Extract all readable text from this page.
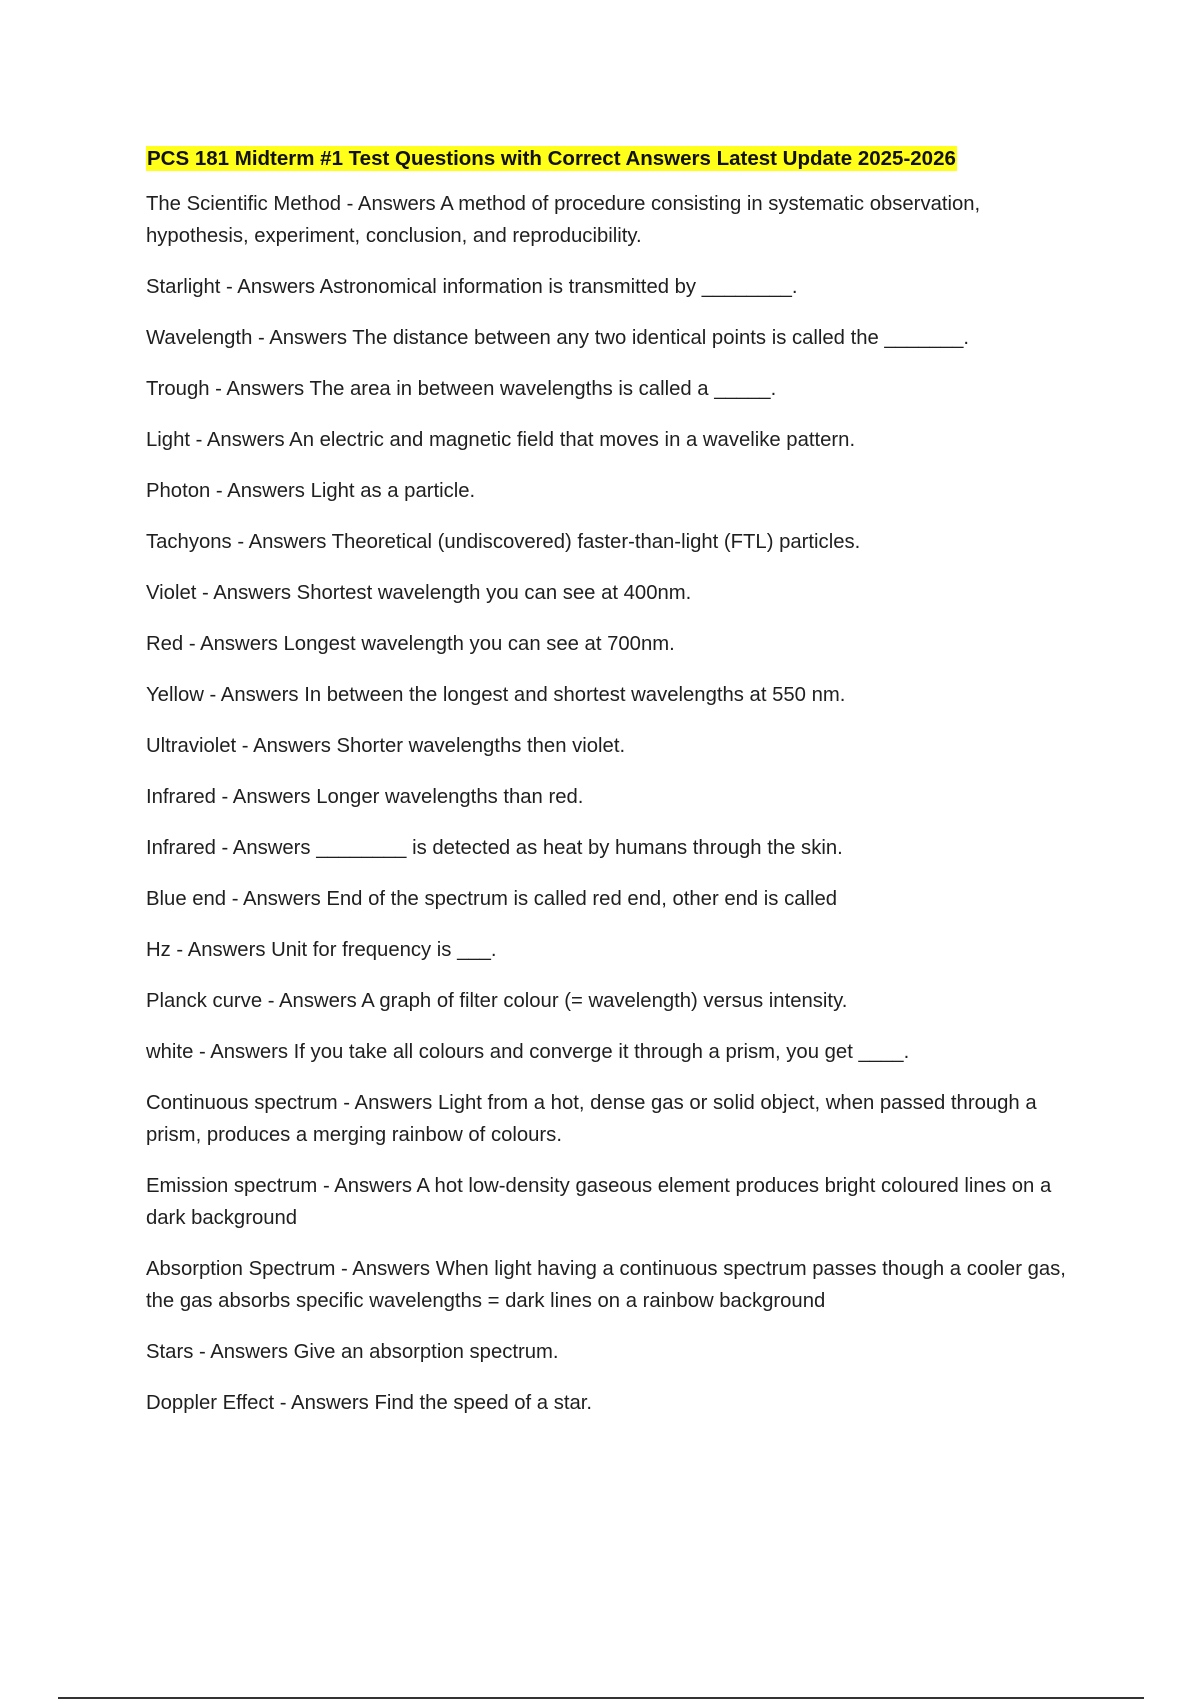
PCS 181 Midterm #1 Test Questions with Correct Answers Latest Update 2025-2026
The Scientific Method - Answers A method of procedure consisting in systematic observation, hypothesis, experiment, conclusion, and reproducibility.
Starlight - Answers Astronomical information is transmitted by ________.
Wavelength - Answers The distance between any two identical points is called the _______.
Trough - Answers The area in between wavelengths is called a _____.
Light - Answers An electric and magnetic field that moves in a wavelike pattern.
Photon - Answers Light as a particle.
Tachyons - Answers Theoretical (undiscovered) faster-than-light (FTL) particles.
Violet - Answers Shortest wavelength you can see at 400nm.
Red - Answers Longest wavelength you can see at 700nm.
Yellow - Answers In between the longest and shortest wavelengths at 550 nm.
Ultraviolet - Answers Shorter wavelengths then violet.
Infrared - Answers Longer wavelengths than red.
Infrared - Answers ________ is detected as heat by humans through the skin.
Blue end - Answers End of the spectrum is called red end, other end is called
Hz - Answers Unit for frequency is ___.
Planck curve - Answers A graph of filter colour (= wavelength) versus intensity.
white - Answers If you take all colours and converge it through a prism, you get ____.
Continuous spectrum - Answers Light from a hot, dense gas or solid object, when passed through a prism, produces a merging rainbow of colours.
Emission spectrum - Answers A hot low-density gaseous element produces bright coloured lines on a dark background
Absorption Spectrum - Answers When light having a continuous spectrum passes though a cooler gas, the gas absorbs specific wavelengths = dark lines on a rainbow background
Stars - Answers Give an absorption spectrum.
Doppler Effect - Answers Find the speed of a star.
